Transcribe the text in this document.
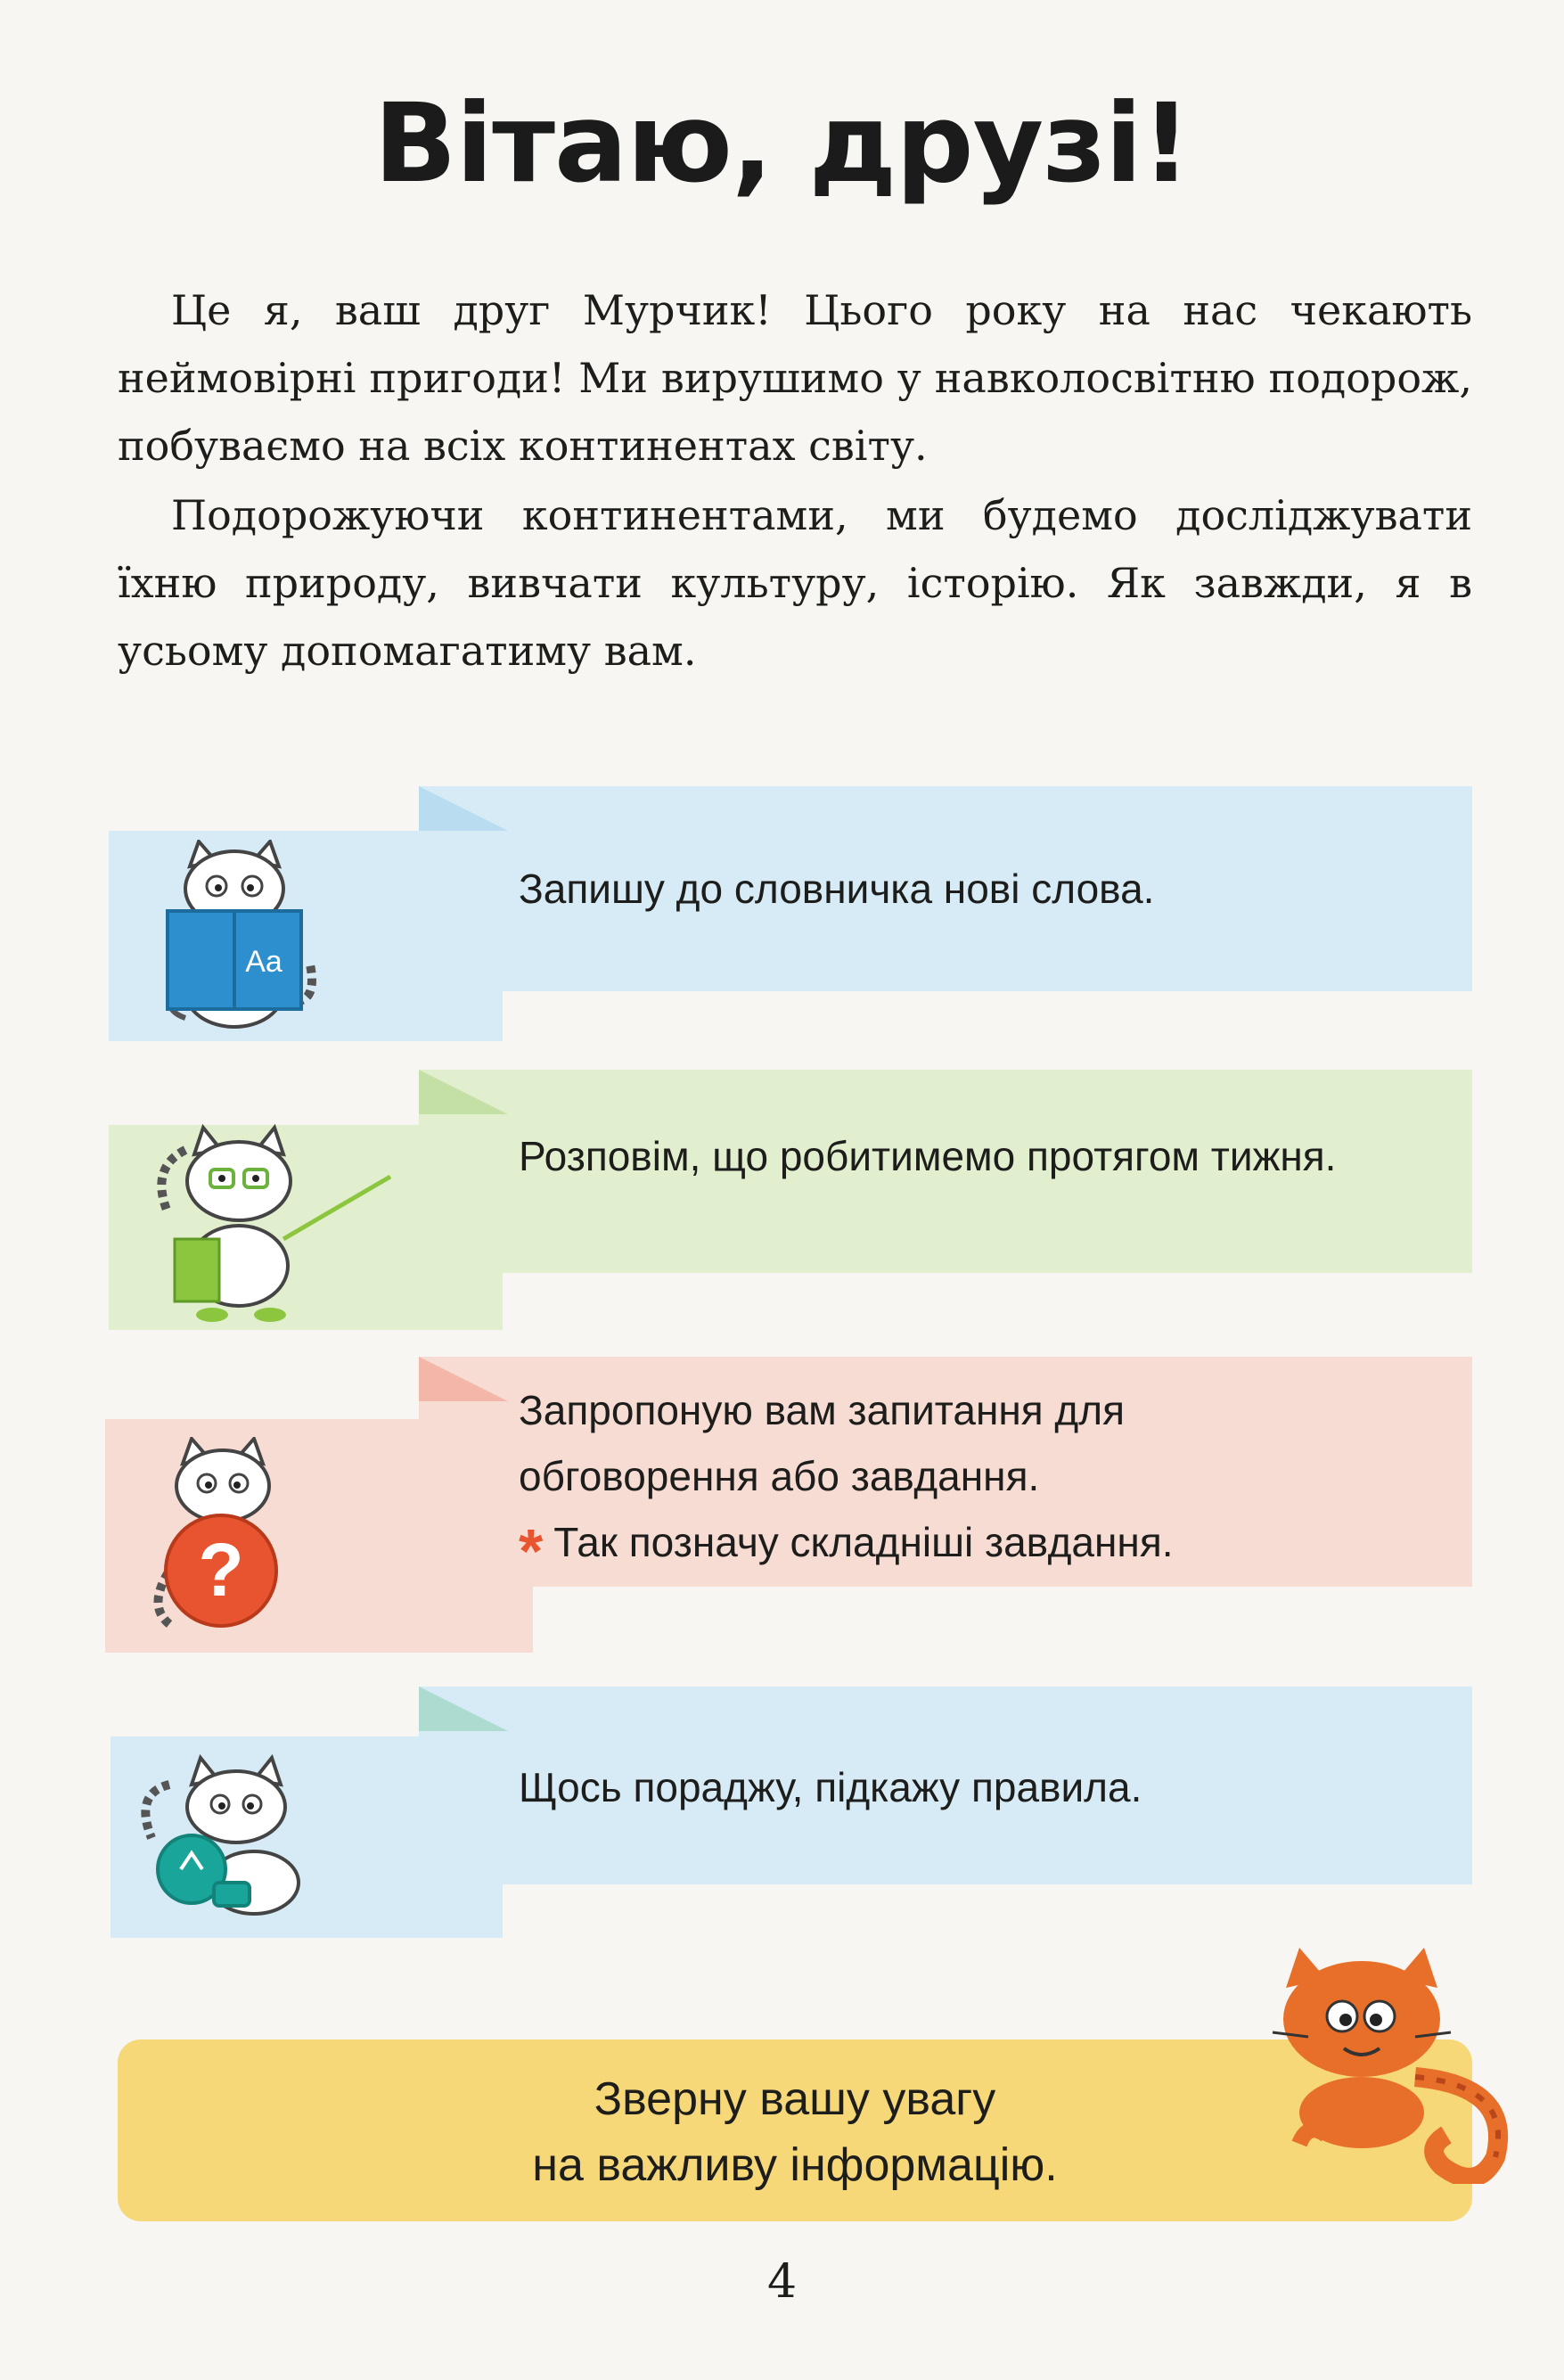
Вітаю, друзі!

Це я, ваш друг Мурчик! Цього року на нас чекають неймовірні пригоди! Ми вирушимо у навколосвітню подорож, побуваємо на всіх континентах світу.

Подорожуючи континентами, ми будемо досліджувати їхню природу, вивчати культуру, історію. Як завжди, я в усьому допомагатиму вам.

Aa
Запишу до словничка нові слова.
Розповім, що робитимемо протягом тижня.
?
Запропоную вам запитання для
обговорення або завдання.
* Так позначу складніші завдання.
Щось пораджу, підкажу правила.
Зверну вашу увагу
на важливу інформацію.
4
